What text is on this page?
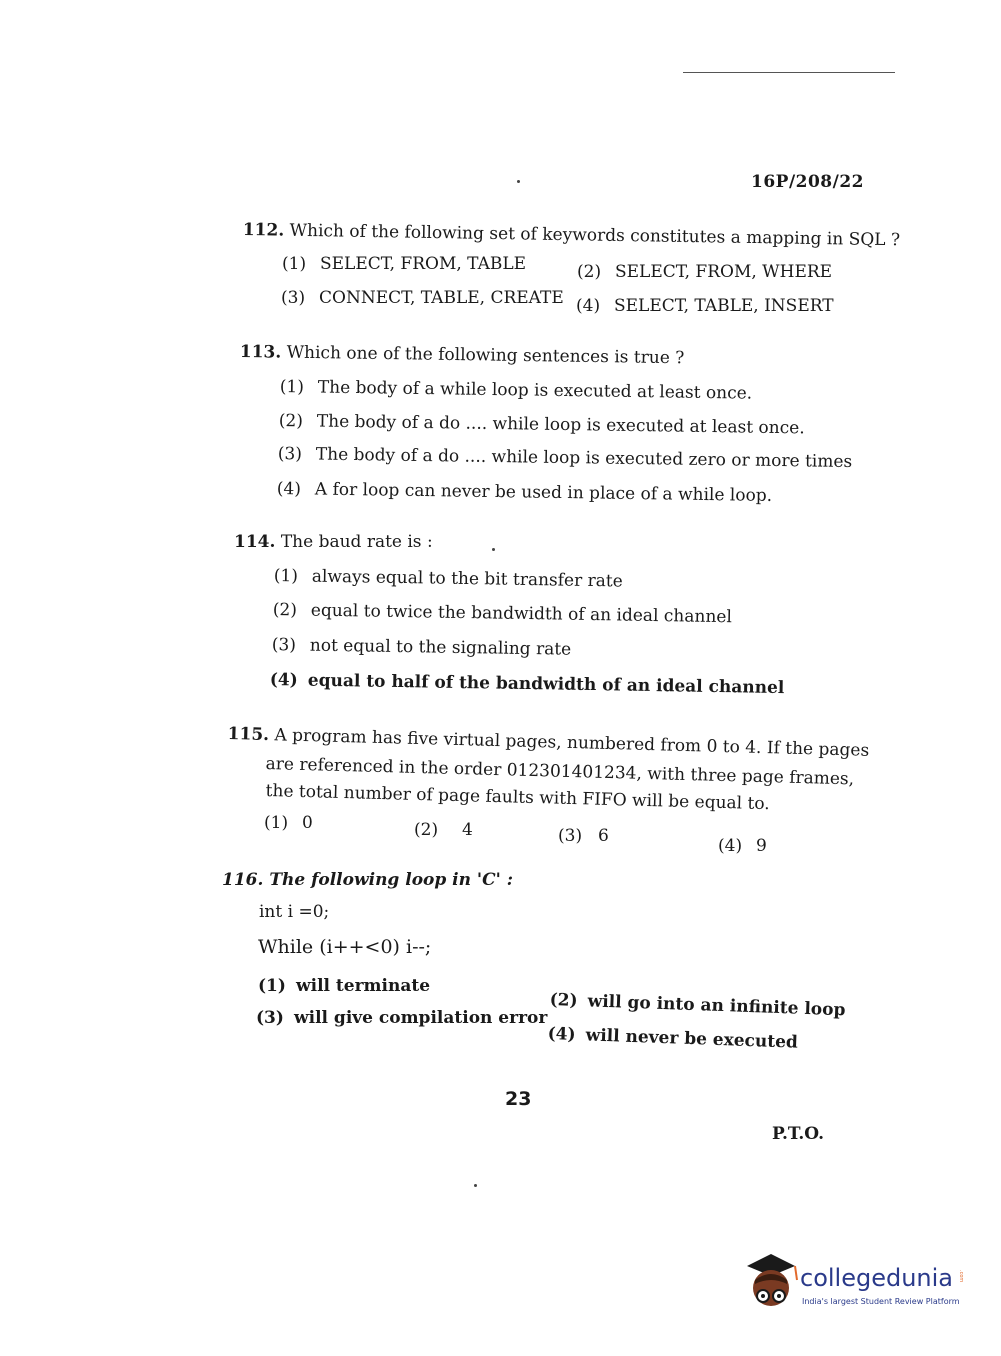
16P/208/22
112. Which of the following set of keywords constitutes a mapping in SQL ?
(1) SELECT, FROM, TABLE	(2) SELECT, FROM, WHERE
(3) CONNECT, TABLE, CREATE (4) SELECT, TABLE, INSERT
113. Which one of the following sentences is true ?
(1) The body of a while loop is executed at least once.
(2) The body of a do .... while loop is executed at least once.
(3) The body of a do .... while loop is executed zero or more times
(4) A for loop can never be used in place of a while loop.
114. The baud rate is :
(1) always equal to the bit transfer rate
(2) equal to twice the bandwidth of an ideal channel
(3) not equal to the signaling rate
(4) equal to half of the bandwidth of an ideal channel
115. A program has five virtual pages, numbered from 0 to 4. If the pages
are referenced in the order 012301401234, with three page frames,
the total number of page faults with FIFO will be equal to.
(1) 0	(2) 4	(3) 6	(4) 9
116. The following loop in 'C' :
int i =0;
While (i++<0) i--;
(1) will terminate
(2) will go into an infinite loop
(3) will give compilation error
(4) will never be executed
23
P.T.O.
collegedunia .com
India's largest Student Review Platform
